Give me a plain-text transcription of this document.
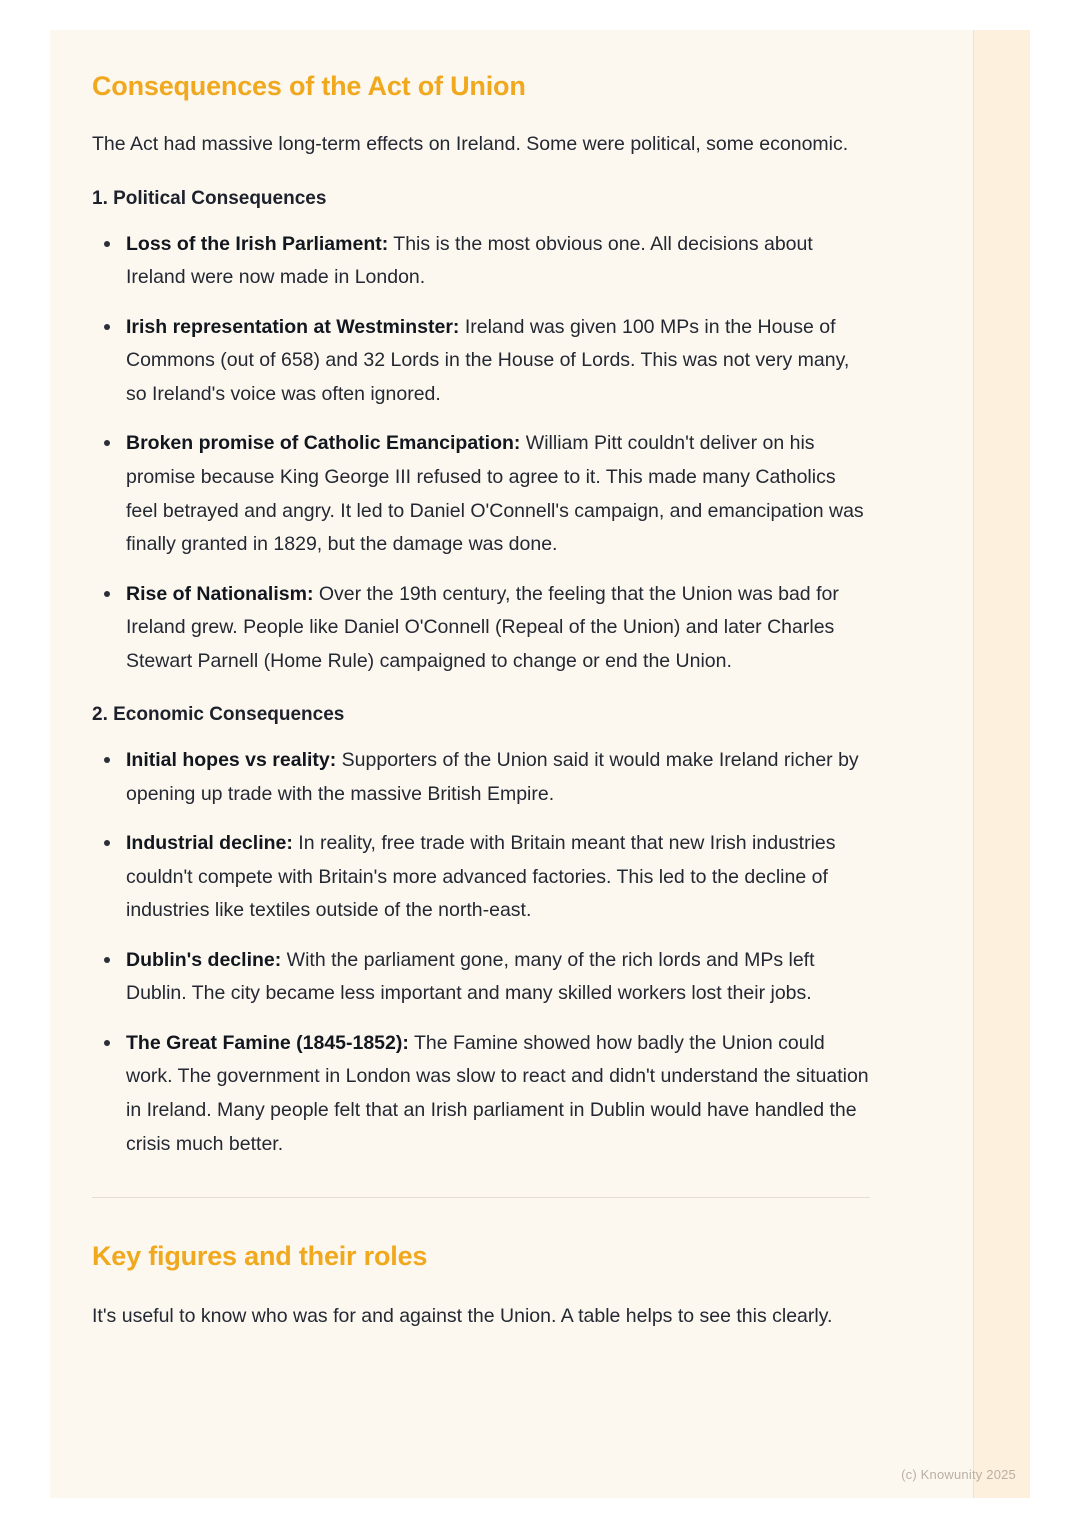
Consequences of the Act of Union

The Act had massive long-term effects on Ireland. Some were political, some economic.

1. Political Consequences
Loss of the Irish Parliament: This is the most obvious one. All decisions about Ireland were now made in London.
Irish representation at Westminster: Ireland was given 100 MPs in the House of Commons (out of 658) and 32 Lords in the House of Lords. This was not very many, so Ireland's voice was often ignored.
Broken promise of Catholic Emancipation: William Pitt couldn't deliver on his promise because King George III refused to agree to it. This made many Catholics feel betrayed and angry. It led to Daniel O'Connell's campaign, and emancipation was finally granted in 1829, but the damage was done.
Rise of Nationalism: Over the 19th century, the feeling that the Union was bad for Ireland grew. People like Daniel O'Connell (Repeal of the Union) and later Charles Stewart Parnell (Home Rule) campaigned to change or end the Union.
2. Economic Consequences
Initial hopes vs reality: Supporters of the Union said it would make Ireland richer by opening up trade with the massive British Empire.
Industrial decline: In reality, free trade with Britain meant that new Irish industries couldn't compete with Britain's more advanced factories. This led to the decline of industries like textiles outside of the north-east.
Dublin's decline: With the parliament gone, many of the rich lords and MPs left Dublin. The city became less important and many skilled workers lost their jobs.
The Great Famine (1845-1852): The Famine showed how badly the Union could work. The government in London was slow to react and didn't understand the situation in Ireland. Many people felt that an Irish parliament in Dublin would have handled the crisis much better.
Key figures and their roles

It's useful to know who was for and against the Union. A table helps to see this clearly.

(c) Knowunity 2025
